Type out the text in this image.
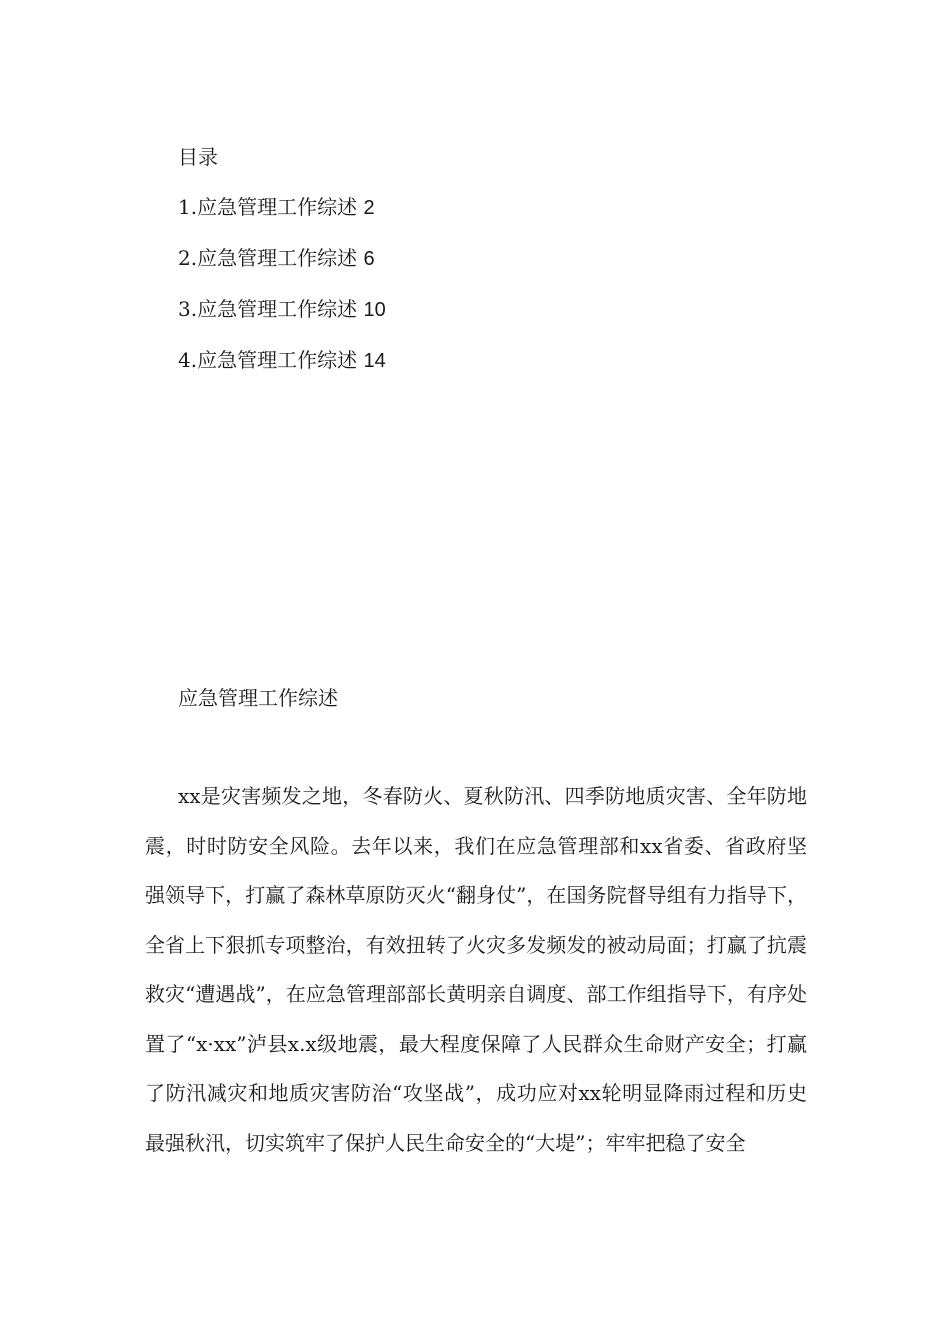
目录
1.应急管理工作综述 2
2.应急管理工作综述 6
3.应急管理工作综述 10
4.应急管理工作综述 14
应急管理工作综述

xx是灾害频发之地，冬春防火、夏秋防汛、四季防地质灾害、全年防地震，时时防安全风险。去年以来，我们在应急管理部和xx省委、省政府坚强领导下，打赢了森林草原防灭火“翻身仗”，在国务院督导组有力指导下，全省上下狠抓专项整治，有效扭转了火灾多发频发的被动局面；打赢了抗震救灾“遭遇战”，在应急管理部部长黄明亲自调度、部工作组指导下，有序处置了“x·xx”泸县x.x级地震，最大程度保障了人民群众生命财产安全；打赢了防汛减灾和地质灾害防治“攻坚战”，成功应对xx轮明显降雨过程和历史最强秋汛，切实筑牢了保护人民生命安全的“大堤”；牢牢把稳了安全
